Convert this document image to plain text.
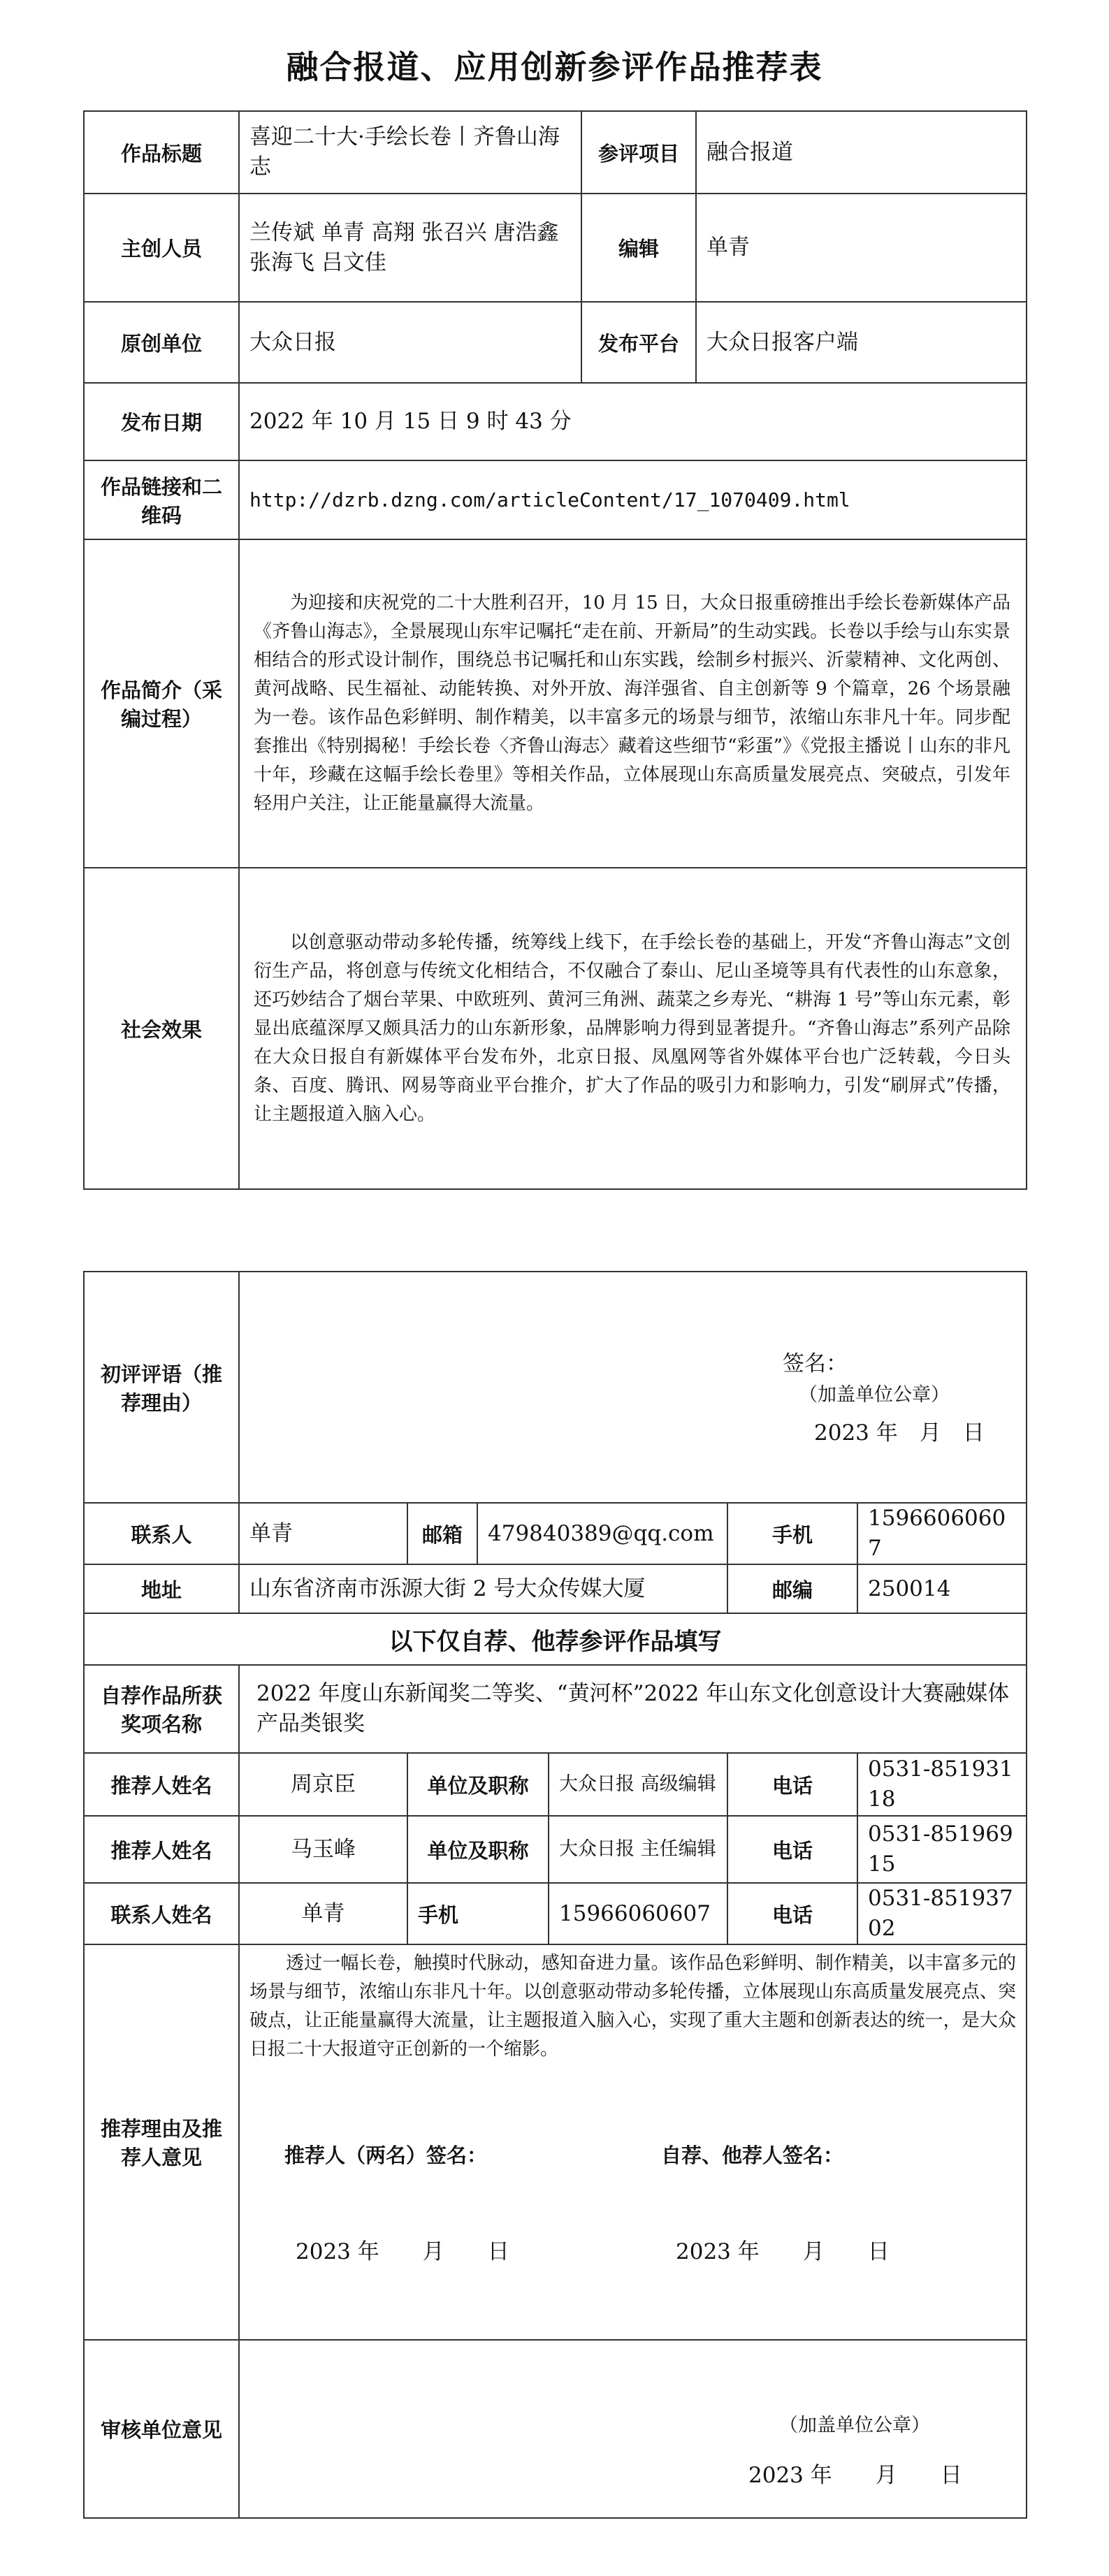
融合报道、应用创新参评作品推荐表
作品标题	喜迎二十大·手绘长卷丨齐鲁山海志	参评项目	融合报道
主创人员	兰传斌 单青 高翔 张召兴 唐浩鑫 张海飞 吕文佳	编辑	单青
原创单位	大众日报	发布平台	大众日报客户端
发布日期	2022 年 10 月 15 日 9 时 43 分		
作品链接和二维码	http://dzrb.dzng.com/articleContent/17_1070409.html		
作品简介（采编过程）	为迎接和庆祝党的二十大胜利召开，10 月 15 日，大众日报重磅推出手绘长卷新媒体产品《齐鲁山海志》，全景展现山东牢记嘱托“走在前、开新局”的生动实践。长卷以手绘与山东实景相结合的形式设计制作，围绕总书记嘱托和山东实践，绘制乡村振兴、沂蒙精神、文化两创、黄河战略、民生福祉、动能转换、对外开放、海洋强省、自主创新等 9 个篇章，26 个场景融为一卷。该作品色彩鲜明、制作精美，以丰富多元的场景与细节，浓缩山东非凡十年。同步配套推出《特别揭秘！手绘长卷〈齐鲁山海志〉藏着这些细节“彩蛋”》《党报主播说丨山东的非凡十年，珍藏在这幅手绘长卷里》等相关作品，立体展现山东高质量发展亮点、突破点，引发年轻用户关注，让正能量赢得大流量。		
社会效果	以创意驱动带动多轮传播，统筹线上线下，在手绘长卷的基础上，开发“齐鲁山海志”文创衍生产品，将创意与传统文化相结合，不仅融合了泰山、尼山圣境等具有代表性的山东意象，还巧妙结合了烟台苹果、中欧班列、黄河三角洲、蔬菜之乡寿光、“耕海 1 号”等山东元素，彰显出底蕴深厚又颇具活力的山东新形象，品牌影响力得到显著提升。“齐鲁山海志”系列产品除在大众日报自有新媒体平台发布外，北京日报、凤凰网等省外媒体平台也广泛转载，今日头条、百度、腾讯、网易等商业平台推介，扩大了作品的吸引力和影响力，引发“刷屏式”传播，让主题报道入脑入心。		
初评评语（推荐理由）	签名：
（加盖单位公章）
2023 年　月　日					

联系人	单青	邮箱	479840389@qq.com		手机	15966060607
地址	山东省济南市泺源大街 2 号大众传媒大厦				邮编	250014
以下仅自荐、他荐参评作品填写						
自荐作品所获奖项名称	2022 年度山东新闻奖二等奖、“黄河杯”2022 年山东文化创意设计大赛融媒体产品类银奖					
推荐人姓名	周京臣	单位及职称		大众日报 高级编辑	电话	0531-85193118
推荐人姓名	马玉峰	单位及职称		大众日报 主任编辑	电话	0531-85196915
联系人姓名	单青	手机		15966060607	电话	0531-85193702
推荐理由及推荐人意见	透过一幅长卷，触摸时代脉动，感知奋进力量。该作品色彩鲜明、制作精美，以丰富多元的场景与细节，浓缩山东非凡十年。以创意驱动带动多轮传播，立体展现山东高质量发展亮点、突破点，让正能量赢得大流量，让主题报道入脑入心，实现了重大主题和创新表达的统一，是大众日报二十大报道守正创新的一个缩影。
推荐人（两名）签名： 自荐、他荐人签名：
2023 年　　月　　日 2023 年　　月　　日					

审核单位意见	（加盖单位公章）
2023 年　　月　　日					
